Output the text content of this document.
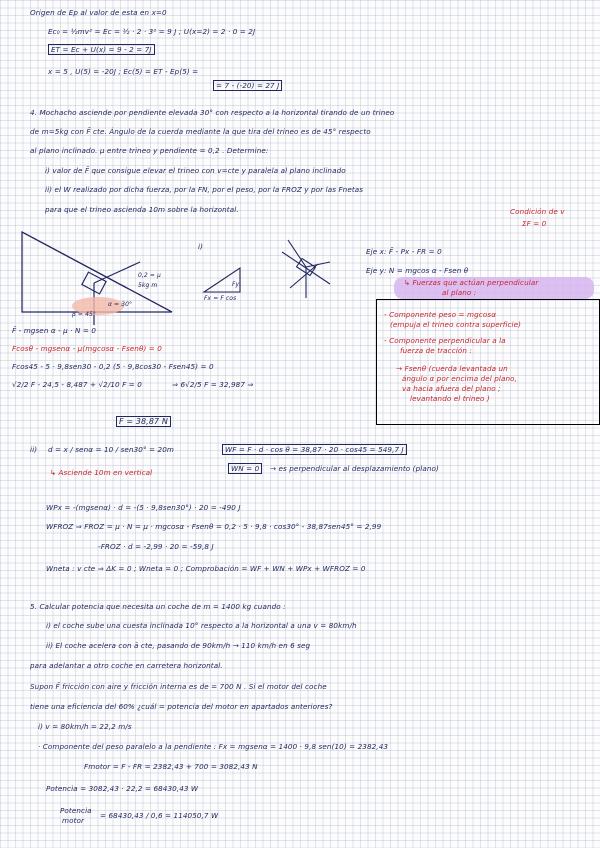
Origen de Ep al valor de esta en x=0
Ec₀ = ½mv² = Ec = ½ · 2 · 3² = 9 J ; U(x=2) = 2 · 0 = 2J
ET = Ec + U(x) = 9 - 2 = 7J
x = 5 , U(5) = -20J ; Ec(5) = ET - Ep(5) =
= 7 - (-20) = 27 J
4. Mochacho asciende por pendiente elevada 30° con respecto a la horizontal tirando de un trineo
de m=5kg con F̄ cte. Ángulo de la cuerda mediante la que tira del trineo es de 45° respecto
al plano inclinado. μ entre trineo y pendiente = 0,2 . Determine:
i) valor de F̄ que consigue elevar el trineo con v=cte y paralela al plano inclinado
ii) el W realizado por dicha fuerza, por la FN, por el peso, por la FROZ y por las Fnetas
para que el trineo ascienda 10m sobre la horizontal.
0,2 = μ
5kg m
α = 30°
β = 45°
i)
Fx = F cos
Fy
Condición de v
ΣF = 0
Eje x: F̄ - Px - FR = 0
Eje y: N = mgcos α - Fsen θ
↳ Fuerzas que actúan perpendicular
al plano :
- Componente peso = mgcosα
(empuja el trineo contra superficie)
- Componente perpendicular a la
fuerza de tracción :
→ Fsenθ (cuerda levantada un
ángulo α por encima del plano,
va hacia afuera del plano ;
levantando el trineo )
F̄ - mgsen α - μ · N = 0
Fcosθ - mgsenα - μ(mgcosα - Fsenθ) = 0
Fcos45 - 5 · 9,8sen30 - 0,2 (5 · 9,8cos30 - Fsen45) = 0
√2/2 F - 24,5 - 8,487 + √2/10 F = 0	⇒ 6√2/5 F = 32,987 ⇒
F = 38,87 N
ii) d = x / senα = 10 / sen30° = 20m	WF = F · d · cos θ = 38,87 · 20 · cos45 = 549,7 J
WN = 0	→ es perpendicular al desplazamiento (plano)
↳ Asciende 10m en vertical
WPx = -(mgsenα) · d = -(5 · 9,8sen30°) · 20 = -490 J
WFROZ ⇒ FROZ = μ · N = μ · mgcosα - Fsenθ = 0,2 · 5 · 9,8 · cos30° - 38,87sen45° = 2,99
-FROZ · d = -2,99 · 20 = -59,8 J
Wneta : v cte ⇒ ΔK = 0 ; Wneta = 0 ; Comprobación = WF + WN + WPx + WFROZ = 0
5. Calcular potencia que necesita un coche de m = 1400 kg cuando :
i) el coche sube una cuesta inclinada 10° respecto a la horizontal a una v = 80km/h
ii) El coche acelera con ā cte, pasando de 90km/h → 110 km/h en 6 seg
para adelantar a otro coche en carretera horizontal.
Supon F̄ fricción con aire y fricción interna es de = 700 N . Si el motor del coche
tiene una eficiencia del 60% ¿cuál = potencia del motor en apartados anteriores?
i) v = 80km/h = 22,2 m/s
· Componente del peso paralelo a la pendiente : Fx = mgsenα = 1400 · 9,8 sen(10) = 2382,43
Fmotor = F - FR = 2382,43 + 700 = 3082,43 N
Potencia = 3082,43 · 22,2 = 68430,43 W
Potencia
motor
= 68430,43 / 0,6 = 114050,7 W
